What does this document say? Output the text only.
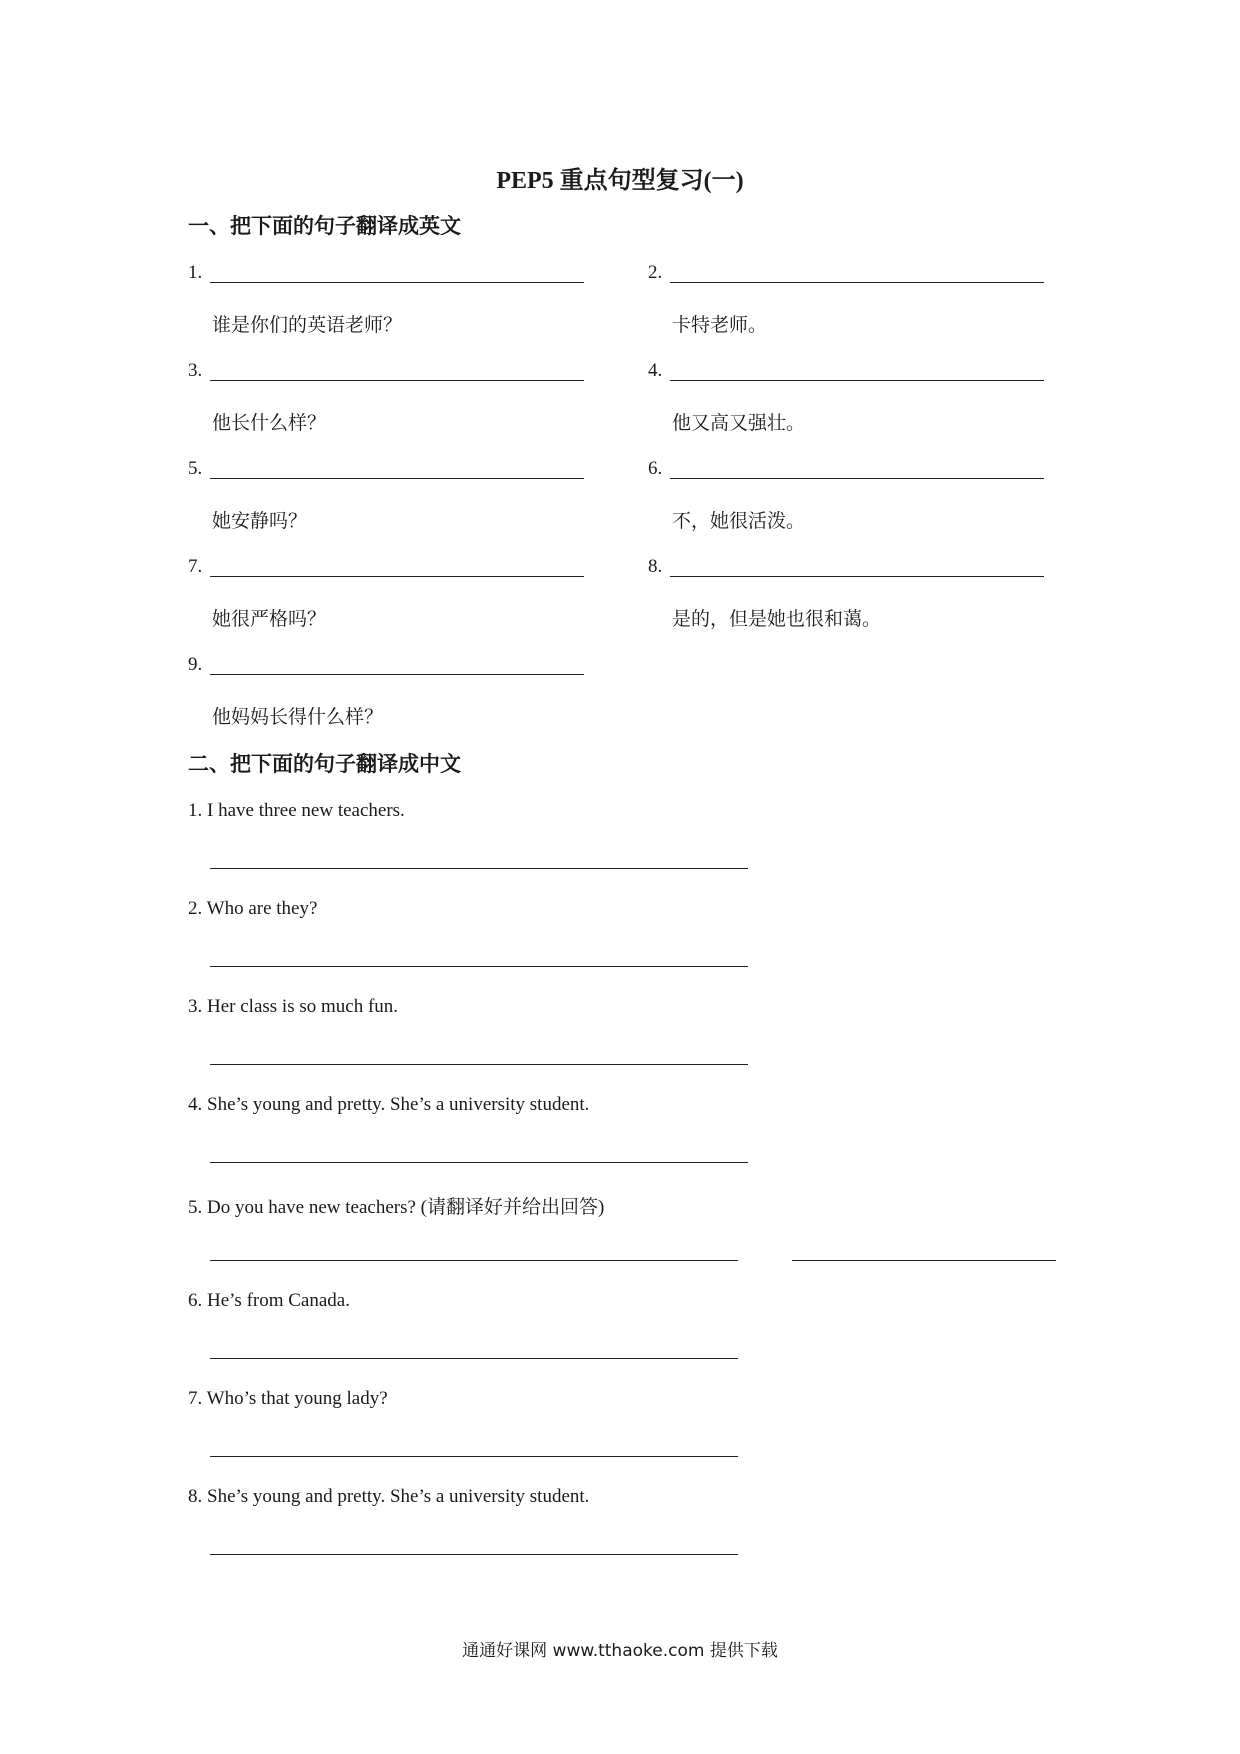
PEP5 重点句型复习(一)
一、把下面的句子翻译成英文
1.
谁是你们的英语老师？
2.
卡特老师。
3.
他长什么样？
4.
他又高又强壮。
5.
她安静吗？
6.
不，她很活泼。
7.
她很严格吗？
8.
是的，但是她也很和蔼。
9.
他妈妈长得什么样？
二、把下面的句子翻译成中文
1. I have three new teachers.
2. Who are they?
3. Her class is so much fun.
4. She’s young and pretty. She’s a university student.
5. Do you have new teachers? (请翻译好并给出回答)
6. He’s from Canada.
7. Who’s that young lady?
8. She’s young and pretty. She’s a university student.
通通好课网 www.tthaoke.com 提供下载
